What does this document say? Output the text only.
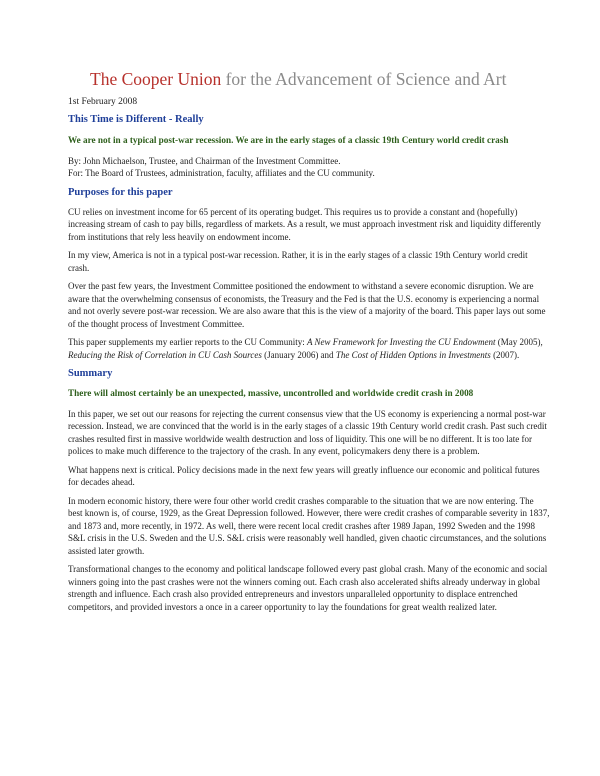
The Cooper Union for the Advancement of Science and Art
1st February 2008
This Time is Different - Really
We are not in a typical post-war recession. We are in the early stages of a classic 19th Century world credit crash

By: John Michaelson, Trustee, and Chairman of the Investment Committee.
For: The Board of Trustees, administration, faculty, affiliates and the CU community.

Purposes for this paper

CU relies on investment income for 65 percent of its operating budget. This requires us to provide a constant and (hopefully) increasing stream of cash to pay bills, regardless of markets. As a result, we must approach investment risk and liquidity differently from institutions that rely less heavily on endowment income.

In my view, America is not in a typical post-war recession. Rather, it is in the early stages of a classic 19th Century world credit crash.

Over the past few years, the Investment Committee positioned the endowment to withstand a severe economic disruption. We are aware that the overwhelming consensus of economists, the Treasury and the Fed is that the U.S. economy is experiencing a normal and not overly severe post-war recession. We are also aware that this is the view of a majority of the board. This paper lays out some of the thought process of Investment Committee.

This paper supplements my earlier reports to the CU Community: A New Framework for Investing the CU Endowment (May 2005), Reducing the Risk of Correlation in CU Cash Sources (January 2006) and The Cost of Hidden Options in Investments (2007).

Summary
There will almost certainly be an unexpected, massive, uncontrolled and worldwide credit crash in 2008

In this paper, we set out our reasons for rejecting the current consensus view that the US economy is experiencing a normal post-war recession. Instead, we are convinced that the world is in the early stages of a classic 19th Century world credit crash. Past such credit crashes resulted first in massive worldwide wealth destruction and loss of liquidity. This one will be no different. It is too late for polices to make much difference to the trajectory of the crash. In any event, policymakers deny there is a problem.

What happens next is critical. Policy decisions made in the next few years will greatly influence our economic and political futures for decades ahead.

In modern economic history, there were four other world credit crashes comparable to the situation that we are now entering. The best known is, of course, 1929, as the Great Depression followed. However, there were credit crashes of comparable severity in 1837, and 1873 and, more recently, in 1972. As well, there were recent local credit crashes after 1989 Japan, 1992 Sweden and the 1998 S&L crisis in the U.S. Sweden and the U.S. S&L crisis were reasonably well handled, given chaotic circumstances, and the solutions assisted later growth.

Transformational changes to the economy and political landscape followed every past global crash. Many of the economic and social winners going into the past crashes were not the winners coming out. Each crash also accelerated shifts already underway in global strength and influence. Each crash also provided entrepreneurs and investors unparalleled opportunity to displace entrenched competitors, and provided investors a once in a career opportunity to lay the foundations for great wealth realized later.
